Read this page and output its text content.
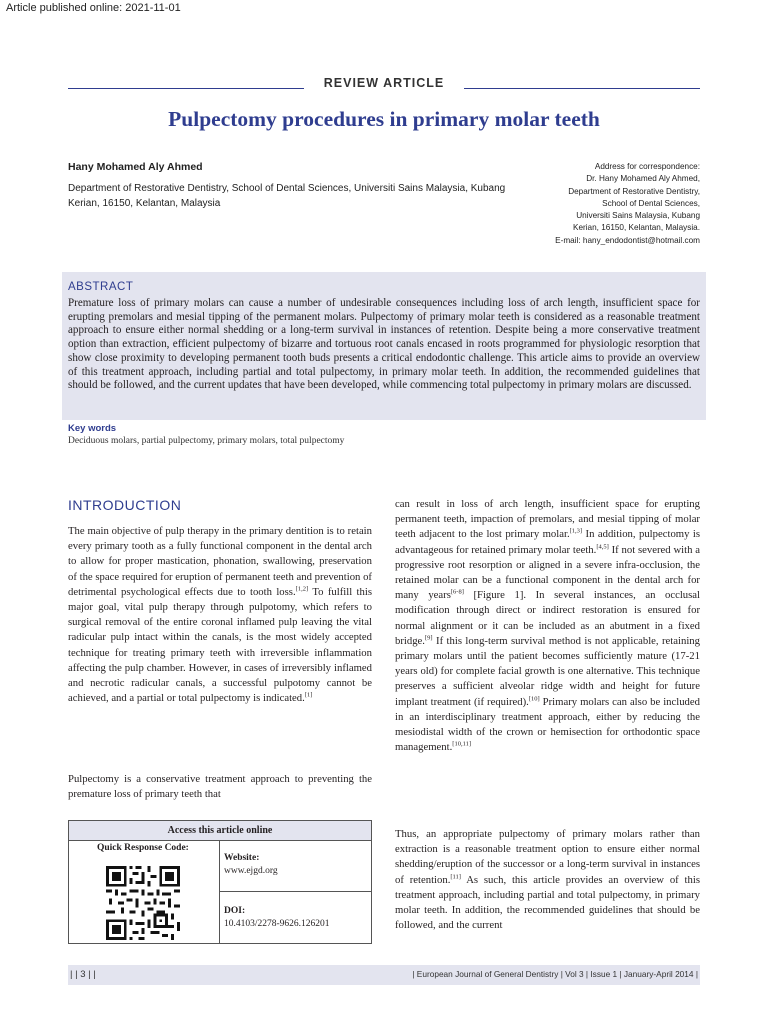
Article published online: 2021-11-01
REVIEW ARTICLE
Pulpectomy procedures in primary molar teeth
Hany Mohamed Aly Ahmed
Department of Restorative Dentistry, School of Dental Sciences, Universiti Sains Malaysia, Kubang Kerian, 16150, Kelantan, Malaysia
Address for correspondence:
Dr. Hany Mohamed Aly Ahmed,
Department of Restorative Dentistry,
School of Dental Sciences,
Universiti Sains Malaysia, Kubang
Kerian, 16150, Kelantan, Malaysia.
E-mail: hany_endodontist@hotmail.com
ABSTRACT
Premature loss of primary molars can cause a number of undesirable consequences including loss of arch length, insufficient space for erupting premolars and mesial tipping of the permanent molars. Pulpectomy of primary molar teeth is considered as a reasonable treatment approach to ensure either normal shedding or a long-term survival in instances of retention. Despite being a more conservative treatment option than extraction, efficient pulpectomy of bizarre and tortuous root canals encased in roots programmed for physiologic resorption that show close proximity to developing permanent tooth buds presents a critical endodontic challenge. This article aims to provide an overview of this treatment approach, including partial and total pulpectomy, in primary molar teeth. In addition, the recommended guidelines that should be followed, and the current updates that have been developed, while commencing total pulpectomy in primary molars are discussed.
Key words
Deciduous molars, partial pulpectomy, primary molars, total pulpectomy
INTRODUCTION

The main objective of pulp therapy in the primary dentition is to retain every primary tooth as a fully functional component in the dental arch to allow for proper mastication, phonation, swallowing, preservation of the space required for eruption of permanent teeth and prevention of detrimental psychological effects due to tooth loss.[1,2] To fulfill this major goal, vital pulp therapy through pulpotomy, which refers to surgical removal of the entire coronal inflamed pulp leaving the vital radicular pulp intact within the canals, is the most widely accepted technique for treating primary teeth with irreversible inflammation affecting the pulp chamber. However, in cases of irreversibly inflamed and necrotic radicular canals, a successful pulpotomy cannot be achieved, and a partial or total pulpectomy is indicated.[1]

Pulpectomy is a conservative treatment approach to preventing the premature loss of primary teeth that

can result in loss of arch length, insufficient space for erupting permanent teeth, impaction of premolars, and mesial tipping of molar teeth adjacent to the lost primary molar.[1,3] In addition, pulpectomy is advantageous for retained primary molar teeth.[4,5] If not severed with a progressive root resorption or aligned in a severe infra-occlusion, the retained molar can be a functional component in the dental arch for many years[6-8] [Figure 1]. In several instances, an occlusal modification through direct or indirect restoration is ensured for normal alignment or it can be included as an abutment in a fixed bridge.[9] If this long-term survival method is not applicable, retaining primary molars until the patient becomes sufficiently mature (17-21 years old) for complete facial growth is one alternative. This technique preserves a sufficient alveolar ridge width and height for future implant treatment (if required).[10] Primary molars can also be included in an interdisciplinary treatment approach, either by reducing the mesiodistal width of the crown or hemisection for orthodontic space management.[10,11]

Thus, an appropriate pulpectomy of primary molars rather than extraction is a reasonable treatment option to ensure either normal shedding/eruption of the successor or a long-term survival in instances of retention.[11] As such, this article provides an overview of this treatment approach, including partial and total pulpectomy, in primary molar teeth. In addition, the recommended guidelines that should be followed, and the current

Access this article online
Quick Response Code:
Website:
www.ejgd.org
DOI:
10.4103/2278-9626.126201
| | 3 | |	| European Journal of General Dentistry | Vol 3 | Issue 1 | January-April 2014 |
